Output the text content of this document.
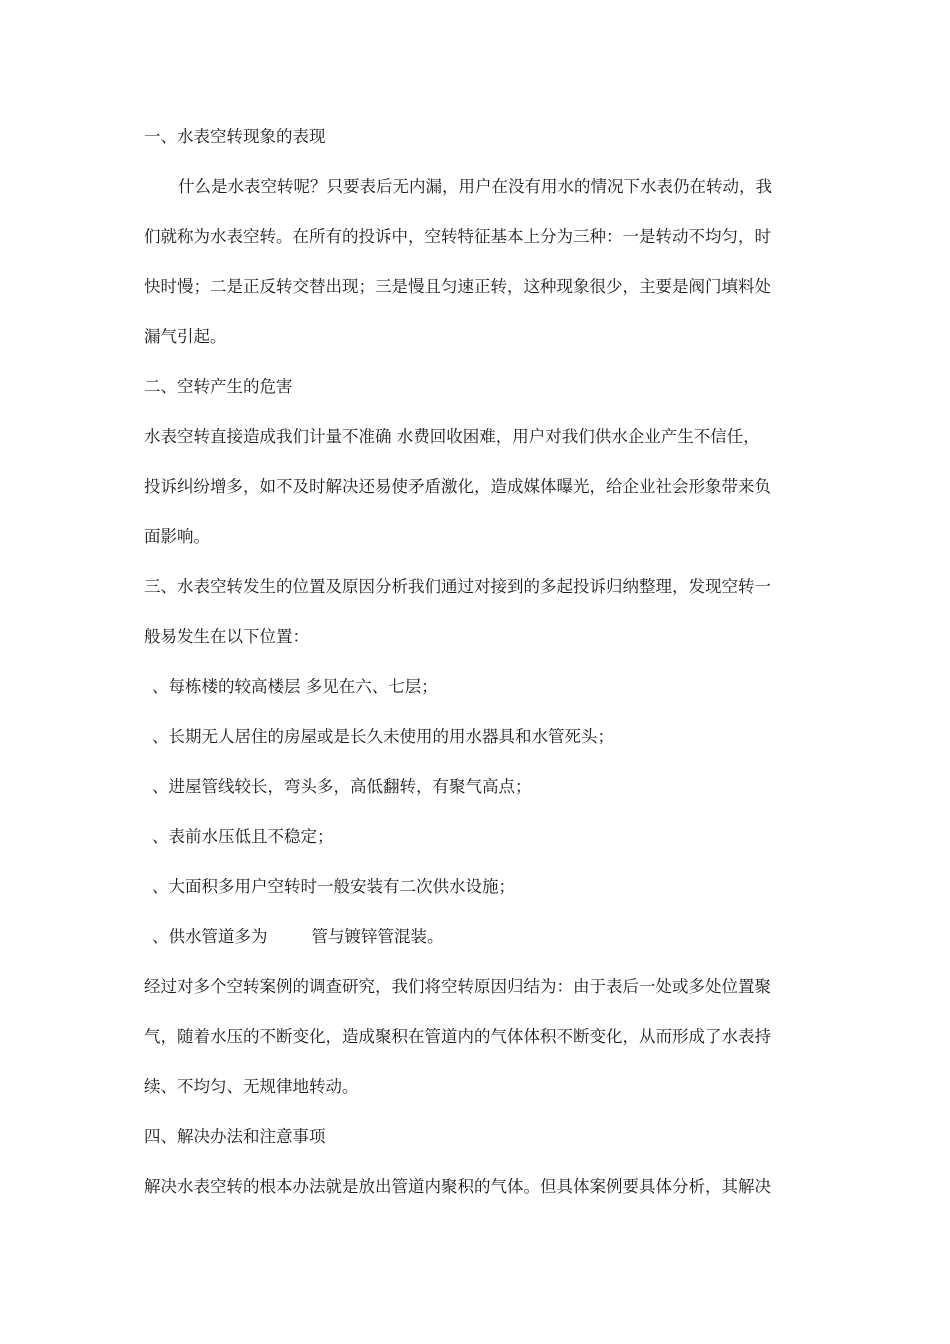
一、水表空转现象的表现
什么是水表空转呢？只要表后无内漏，用户在没有用水的情况下水表仍在转动，我
们就称为水表空转。在所有的投诉中，空转特征基本上分为三种：一是转动不均匀，时
快时慢；二是正反转交替出现；三是慢且匀速正转，这种现象很少，主要是阀门填料处
漏气引起。
二、空转产生的危害
水表空转直接造成我们计量不准确 水费回收困难，用户对我们供水企业产生不信任，
投诉纠纷增多，如不及时解决还易使矛盾激化，造成媒体曝光，给企业社会形象带来负
面影响。
三、水表空转发生的位置及原因分析我们通过对接到的多起投诉归纳整理，发现空转一
般易发生在以下位置：
、每栋楼的较高楼层 多见在六、七层；
、长期无人居住的房屋或是长久未使用的用水器具和水管死头；
、进屋管线较长，弯头多，高低翻转，有聚气高点；
、表前水压低且不稳定；
、大面积多用户空转时一般安装有二次供水设施；
、供水管道多为	管与镀锌管混装。
经过对多个空转案例的调查研究，我们将空转原因归结为：由于表后一处或多处位置聚
气，随着水压的不断变化，造成聚积在管道内的气体体积不断变化，从而形成了水表持
续、不均匀、无规律地转动。
四、解决办法和注意事项
解决水表空转的根本办法就是放出管道内聚积的气体。但具体案例要具体分析，其解决
